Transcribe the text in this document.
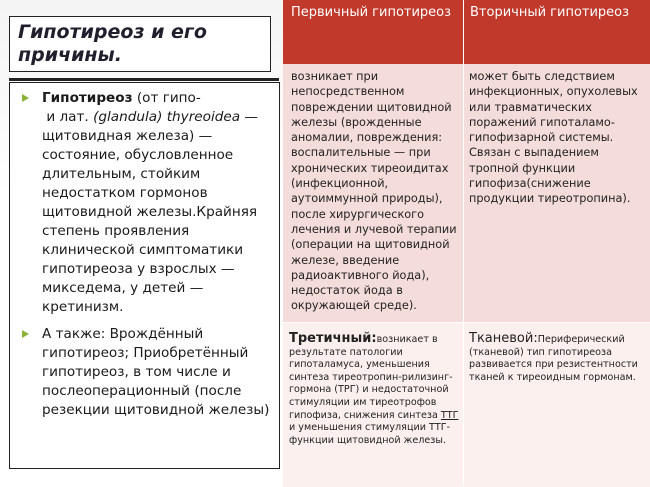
Гипотиреоз и его причины.
Гипотиреоз (от гипо-
и лат. (glandula) thyreoidea — щитовидная железа) — состояние, обусловленное длительным, стойким недостатком гормонов щитовидной железы.Крайняя степень проявления клинической симптоматики гипотиреоза у взрослых — микседема, у детей — кретинизм.
А также: Врождённый гипотиреоз; Приобретённый гипотиреоз, в том числе и послеоперационный (после резекции щитовидной железы)
Первичный гипотиреоз	Вторичный гипотиреоз
возникает при непосредственном повреждении щитовидной железы (врожденные аномалии, повреждения: воспалительные — при хронических тиреоидитах (инфекционной, аутоиммунной природы), после хирургического лечения и лучевой терапии (операции на щитовидной железе, введение радиоактивного йода), недостаток йода в окружающей среде).
может быть следствием инфекционных, опухолевых или травматических поражений гипоталамо-гипофизарной системы.
Связан с выпадением тропной функции гипофиза(снижение продукции тиреотропина).
Третичный:возникает в результате патологии гипоталамуса, уменьшения синтеза тиреотропин-рилизинг-гормона (ТРГ) и недостаточной стимуляции им тиреотрофов гипофиза, снижения синтеза ТТГ и уменьшения стимуляции ТТГ-функции щитовидной железы.
Тканевой:Периферический (тканевой) тип гипотиреоза развивается при резистентности тканей к тиреоидным гормонам.
